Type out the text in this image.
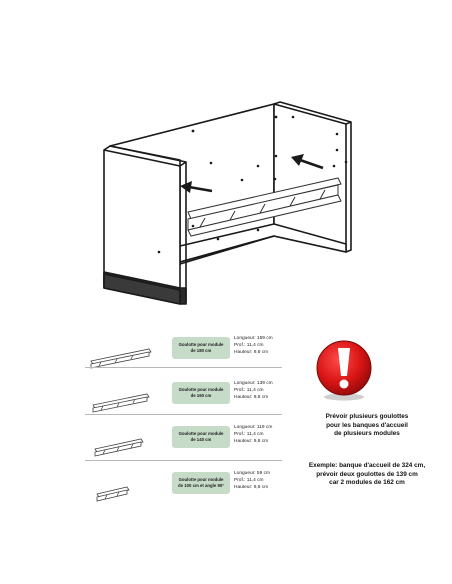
Goulotte pour module
de 180 cm
Longueur: 159 cm
Prof.: 11,4 cm
Hauteur: 9,8 cm
Goulotte pour module
de 160 cm
Longueur: 139 cm
Prof.: 11,4 cm
Hauteur: 9,8 cm
Goulotte pour module
de 140 cm
Longueur: 119 cm
Prof.: 11,4 cm
Hauteur: 9,8 cm
Goulotte pour module
de 100 cm et angle 90°
Longueur: 59 cm
Prof.: 11,4 cm
Hauteur: 9,8 cm
Prévoir plusieurs goulottes
pour les banques d'accueil
de plusieurs modules
Exemple: banque d'accueil de 324 cm,
prévoir deux goulottes de 139 cm
car 2 modules de 162 cm
